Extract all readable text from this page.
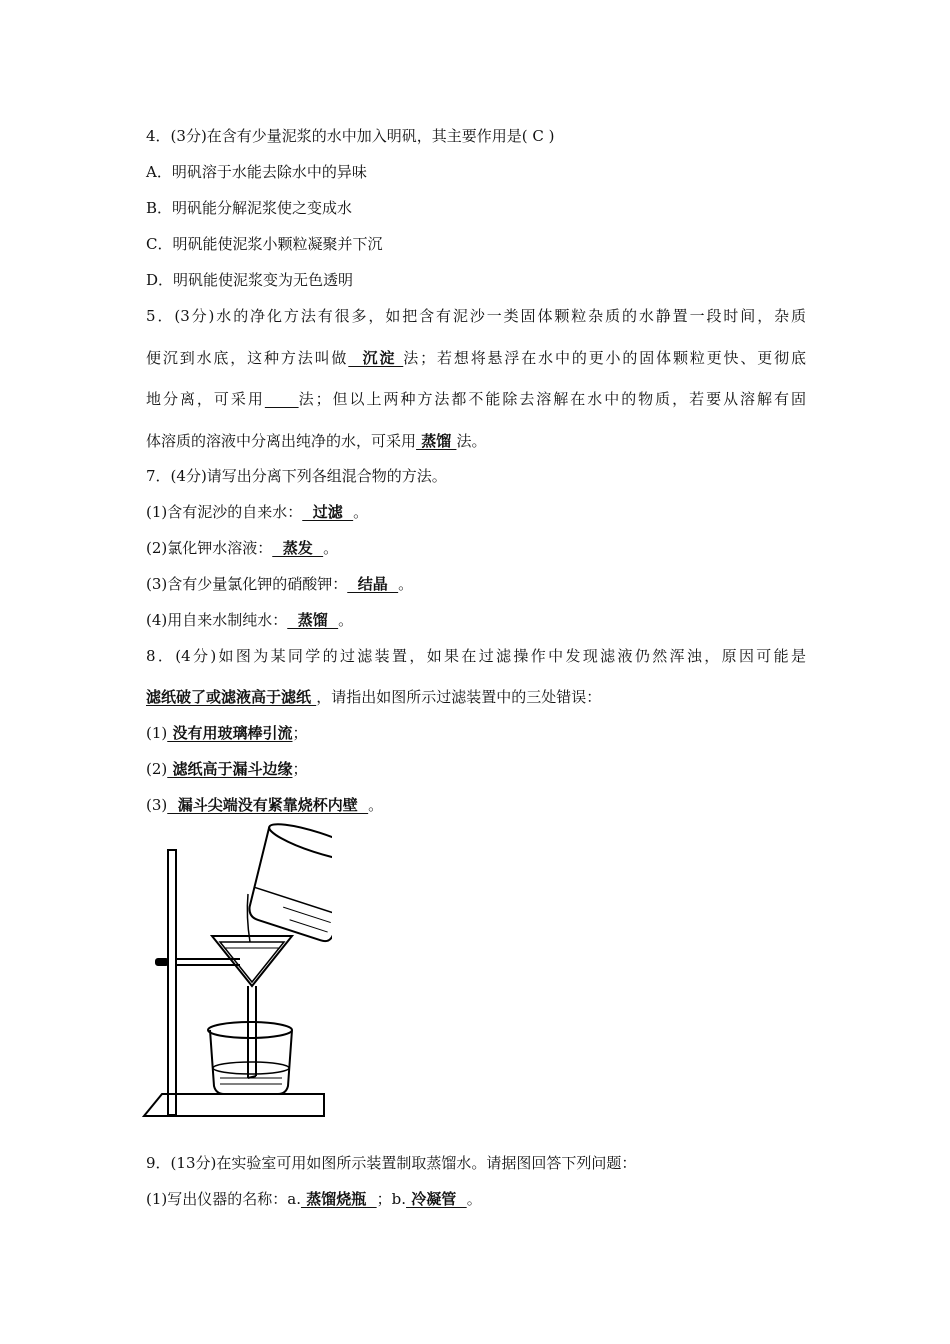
4．(3分)在含有少量泥浆的水中加入明矾，其主要作用是( C )
A．明矾溶于水能去除水中的异味
B．明矾能分解泥浆使之变成水
C．明矾能使泥浆小颗粒凝聚并下沉
D．明矾能使泥浆变为无色透明
5．(3分)水的净化方法有很多，如把含有泥沙一类固体颗粒杂质的水静置一段时间，杂质
便沉到水底，这种方法叫做  沉淀 法；若想将悬浮在水中的更小的固体颗粒更快、更彻底
地分离，可采用 法；但以上两种方法都不能除去溶解在水中的物质，若要从溶解有固
体溶质的溶液中分离出纯净的水，可采用 蒸馏 法。
7．(4分)请写出分离下列各组混合物的方法。
(1)含有泥沙的自来水：  过滤  。
(2)氯化钾水溶液：  蒸发  。
(3)含有少量氯化钾的硝酸钾：  结晶  。
(4)用自来水制纯水：  蒸馏  。
8．(4分)如图为某同学的过滤装置，如果在过滤操作中发现滤液仍然浑浊，原因可能是
滤纸破了或滤液高于滤纸 ，请指出如图所示过滤装置中的三处错误：
(1) 没有用玻璃棒引流；
(2) 滤纸高于漏斗边缘；
(3)  漏斗尖端没有紧靠烧杯内壁  。
9．(13分)在实验室可用如图所示装置制取蒸馏水。请据图回答下列问题：
(1)写出仪器的名称：a. 蒸馏烧瓶  ；b. 冷凝管  。
